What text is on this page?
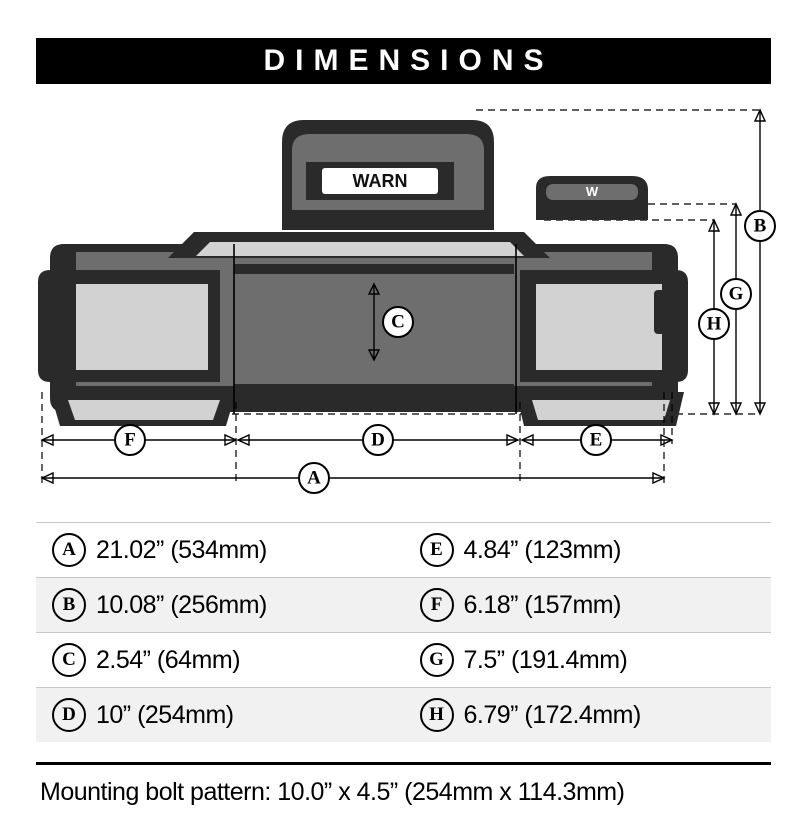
DIMENSIONS
WARN
W
C	H
G
B
F	D	E
A
A 21.02” (534mm)	E 4.84” (123mm)
B 10.08” (256mm)	F 6.18” (157mm)
C 2.54” (64mm)	G 7.5” (191.4mm)
D 10” (254mm)	H 6.79” (172.4mm)
Mounting bolt pattern: 10.0” x 4.5” (254mm x 114.3mm)
